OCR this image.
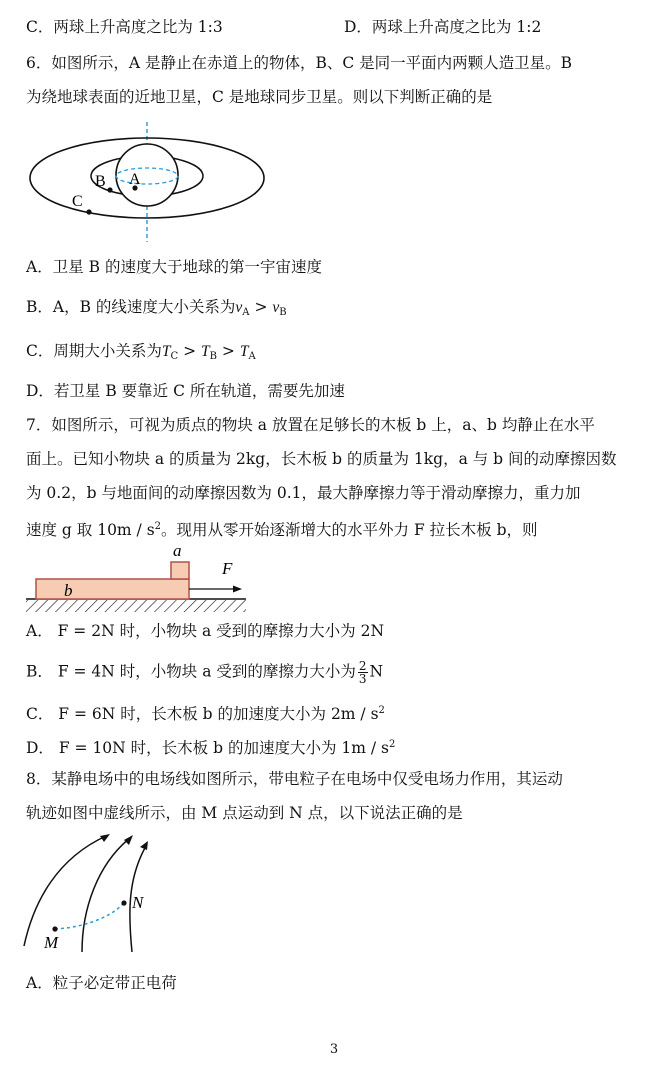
C．两球上升高度之比为 1:3	D．两球上升高度之比为 1:2
6．如图所示，A 是静止在赤道上的物体，B、C 是同一平面内两颗人造卫星。B
为绕地球表面的近地卫星，C 是地球同步卫星。则以下判断正确的是
A
B
C
A．卫星 B 的速度大于地球的第一宇宙速度
B．A，B 的线速度大小关系为$v_A > v_B$
C．周期大小关系为$T_C > T_B > T_A$
D．若卫星 B 要靠近 C 所在轨道，需要先加速
7．如图所示，可视为质点的物块 a 放置在足够长的木板 b 上，a、b 均静止在水平
面上。已知小物块 a 的质量为 2kg，长木板 b 的质量为 1kg，a 与 b 间的动摩擦因数
为 0.2，b 与地面间的动摩擦因数为 0.1，最大静摩擦力等于滑动摩擦力，重力加
速度 g 取 $10m / s^2$。现用从零开始逐渐增大的水平外力 F 拉长木板 b，则
b
a
F
A． F = 2N 时，小物块 a 受到的摩擦力大小为 2N
B． F = 4N 时，小物块 a 受到的摩擦力大小为 $\frac{2}{3}$ N
C． F = 6N 时，长木板 b 的加速度大小为 $2m / s^2$
D． F = 10N 时，长木板 b 的加速度大小为 $1m / s^2$
8．某静电场中的电场线如图所示，带电粒子在电场中仅受电场力作用，其运动
轨迹如图中虚线所示，由 M 点运动到 N 点，以下说法正确的是
M
N
A．粒子必定带正电荷
3
